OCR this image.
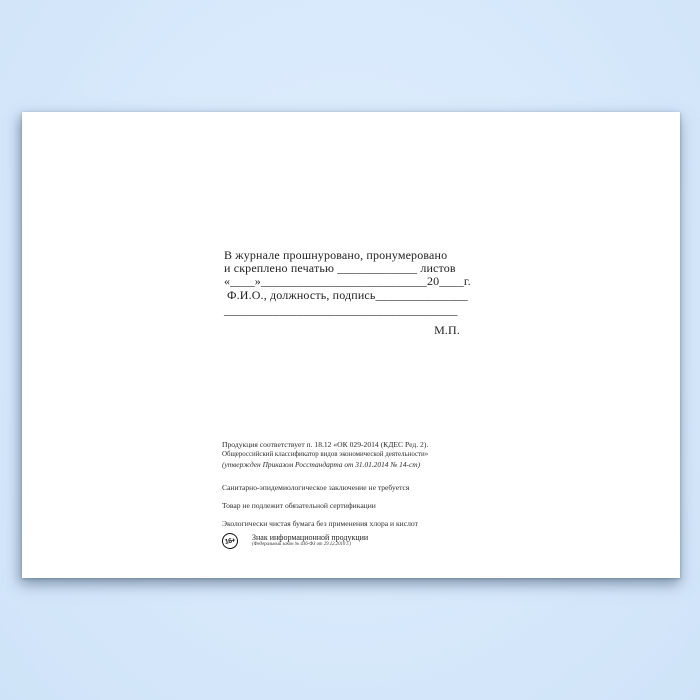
В журнале прошнуровано, пронумеровано
и скреплено печатью _____________ листов
«____»___________________________20____г.
Ф.И.О., должность, подпись_______________
______________________________________
М.П.
Продукция соответствует п. 18.12 «ОК 029-2014 (КДЕС Ред. 2).
Общероссийский классификатор видов экономической деятельности»
(утвержден Приказом Росстандарта от 31.01.2014 № 14-ст)
Санитарно-эпидемиологическое заключение не требуется
Товар не подлежит обязательной сертификации
Экологически чистая бумага без применения хлора и кислот
16+	Знак информационной продукции
(Федеральный закон № 436-ФЗ от 29.12.2010 г.)
